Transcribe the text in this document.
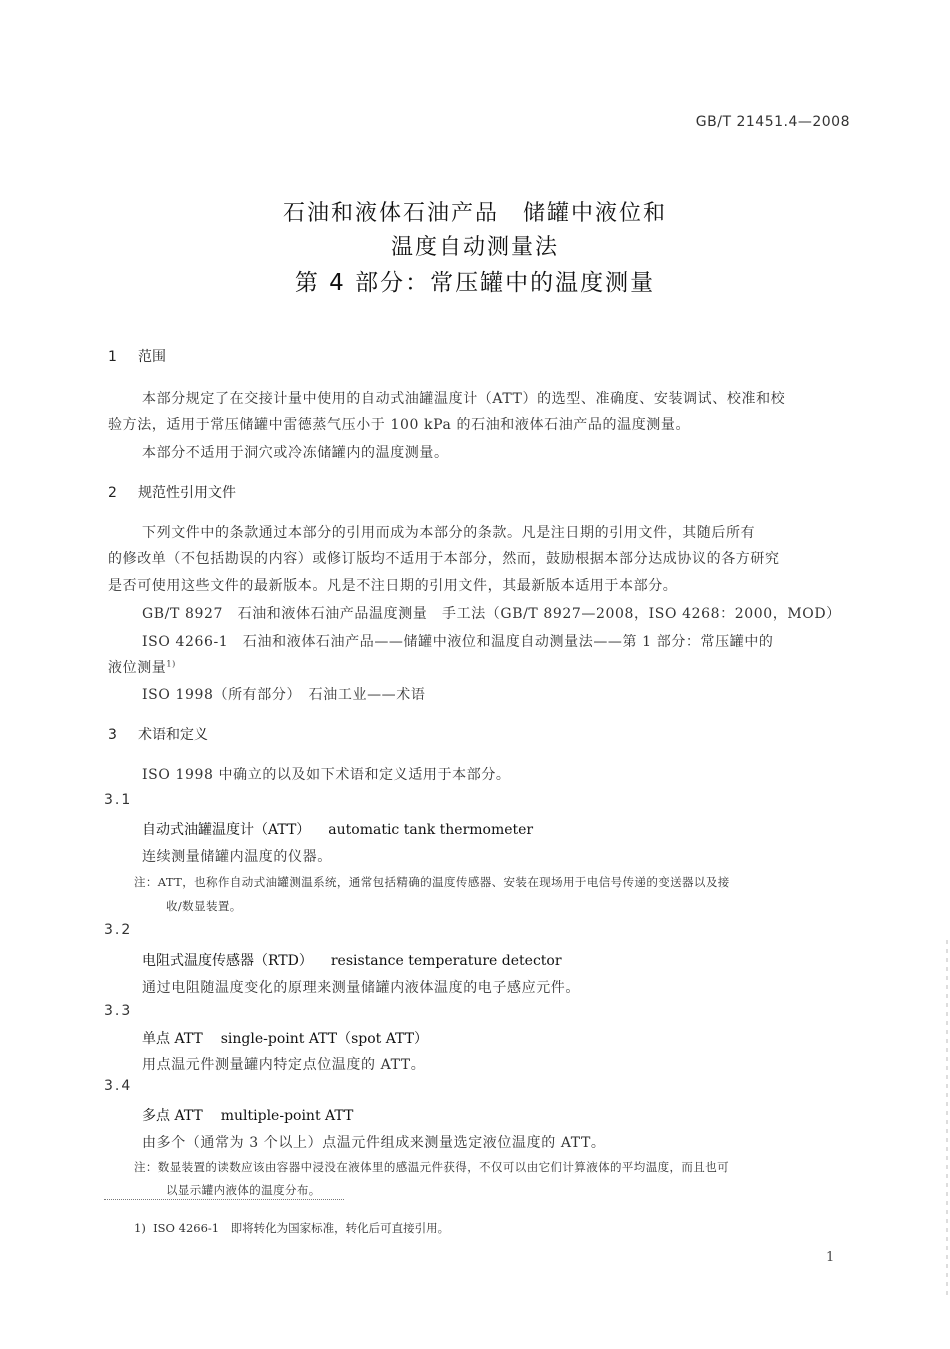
GB/T 21451.4—2008
石油和液体石油产品　储罐中液位和
温度自动测量法
第 4 部分：常压罐中的温度测量
1 范围
本部分规定了在交接计量中使用的自动式油罐温度计（ATT）的选型、准确度、安装调试、校准和校
验方法，适用于常压储罐中雷德蒸气压小于 100 kPa 的石油和液体石油产品的温度测量。
本部分不适用于洞穴或冷冻储罐内的温度测量。
2 规范性引用文件
下列文件中的条款通过本部分的引用而成为本部分的条款。凡是注日期的引用文件，其随后所有
的修改单（不包括勘误的内容）或修订版均不适用于本部分，然而，鼓励根据本部分达成协议的各方研究
是否可使用这些文件的最新版本。凡是不注日期的引用文件，其最新版本适用于本部分。
GB/T 8927　石油和液体石油产品温度测量　手工法（GB/T 8927—2008，ISO 4268：2000，MOD）
ISO 4266-1　石油和液体石油产品——储罐中液位和温度自动测量法——第 1 部分：常压罐中的
液位测量$^{1)}$
ISO 1998（所有部分）　石油工业——术语
3 术语和定义
ISO 1998 中确立的以及如下术语和定义适用于本部分。
3.1
自动式油罐温度计（ATT） automatic tank thermometer
连续测量储罐内温度的仪器。
注：ATT，也称作自动式油罐测温系统，通常包括精确的温度传感器、安装在现场用于电信号传递的变送器以及接
收/数显装置。
3.2
电阻式温度传感器（RTD） resistance temperature detector
通过电阻随温度变化的原理来测量储罐内液体温度的电子感应元件。
3.3
单点 ATT single-point ATT（spot ATT）
用点温元件测量罐内特定点位温度的 ATT。
3.4
多点 ATT multiple-point ATT
由多个（通常为 3 个以上）点温元件组成来测量选定液位温度的 ATT。
注：数显装置的读数应该由容器中浸没在液体里的感温元件获得，不仅可以由它们计算液体的平均温度，而且也可
以显示罐内液体的温度分布。
1) ISO 4266-1　即将转化为国家标准，转化后可直接引用。
1
